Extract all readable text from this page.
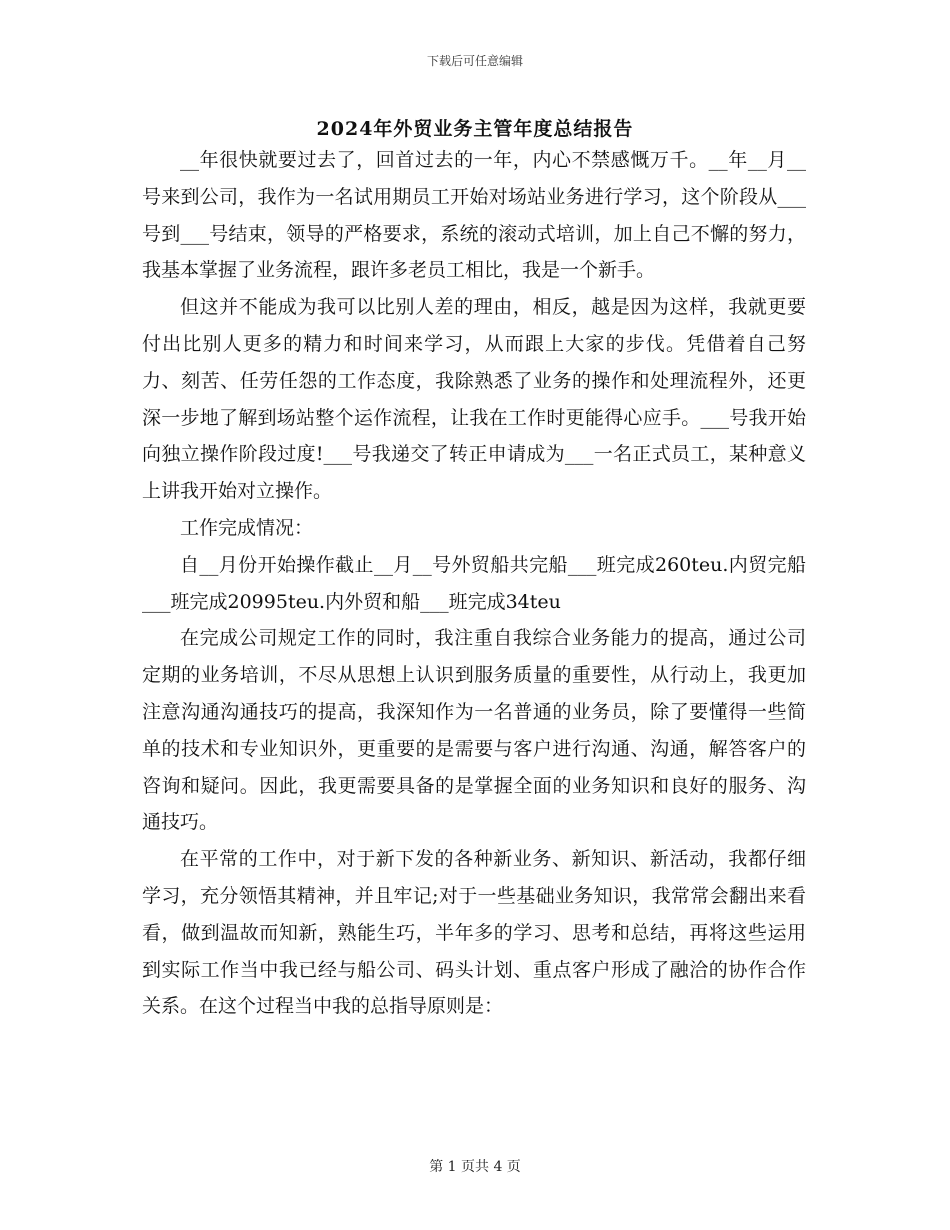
下载后可任意编辑
2024年外贸业务主管年度总结报告

__年很快就要过去了，回首过去的一年，内心不禁感慨万千。__年__月__号来到公司，我作为一名试用期员工开始对场站业务进行学习，这个阶段从___号到___号结束，领导的严格要求，系统的滚动式培训，加上自己不懈的努力，我基本掌握了业务流程，跟许多老员工相比，我是一个新手。

但这并不能成为我可以比别人差的理由，相反，越是因为这样，我就更要付出比别人更多的精力和时间来学习，从而跟上大家的步伐。凭借着自己努力、刻苦、任劳任怨的工作态度，我除熟悉了业务的操作和处理流程外，还更深一步地了解到场站整个运作流程，让我在工作时更能得心应手。___号我开始向独立操作阶段过度!___号我递交了转正申请成为___一名正式员工，某种意义上讲我开始对立操作。

工作完成情况：

自__月份开始操作截止__月__号外贸船共完船___班完成260teu.内贸完船___班完成20995teu.内外贸和船___班完成34teu

在完成公司规定工作的同时，我注重自我综合业务能力的提高，通过公司定期的业务培训，不尽从思想上认识到服务质量的重要性，从行动上，我更加注意沟通沟通技巧的提高，我深知作为一名普通的业务员，除了要懂得一些简单的技术和专业知识外，更重要的是需要与客户进行沟通、沟通，解答客户的咨询和疑问。因此，我更需要具备的是掌握全面的业务知识和良好的服务、沟通技巧。

在平常的工作中，对于新下发的各种新业务、新知识、新活动，我都仔细学习，充分领悟其精神，并且牢记;对于一些基础业务知识，我常常会翻出来看看，做到温故而知新，熟能生巧，半年多的学习、思考和总结，再将这些运用到实际工作当中我已经与船公司、码头计划、重点客户形成了融洽的协作合作关系。在这个过程当中我的总指导原则是：

第 1 页共 4 页
